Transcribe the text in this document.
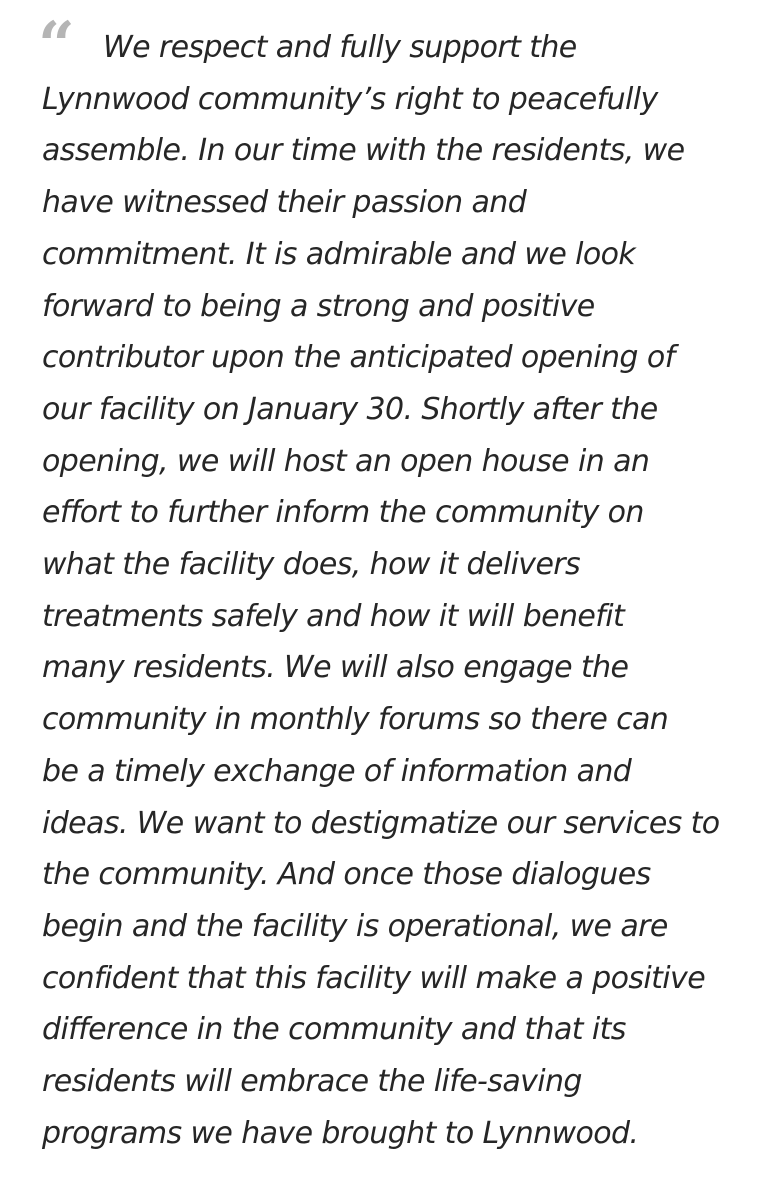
“ We respect and fully support the
Lynnwood community’s right to peacefully
assemble. In our time with the residents, we
have witnessed their passion and
commitment. It is admirable and we look
forward to being a strong and positive
contributor upon the anticipated opening of
our facility on January 30. Shortly after the
opening, we will host an open house in an
effort to further inform the community on
what the facility does, how it delivers
treatments safely and how it will benefit
many residents. We will also engage the
community in monthly forums so there can
be a timely exchange of information and
ideas. We want to destigmatize our services to
the community. And once those dialogues
begin and the facility is operational, we are
confident that this facility will make a positive
difference in the community and that its
residents will embrace the life-saving
programs we have brought to Lynnwood.
